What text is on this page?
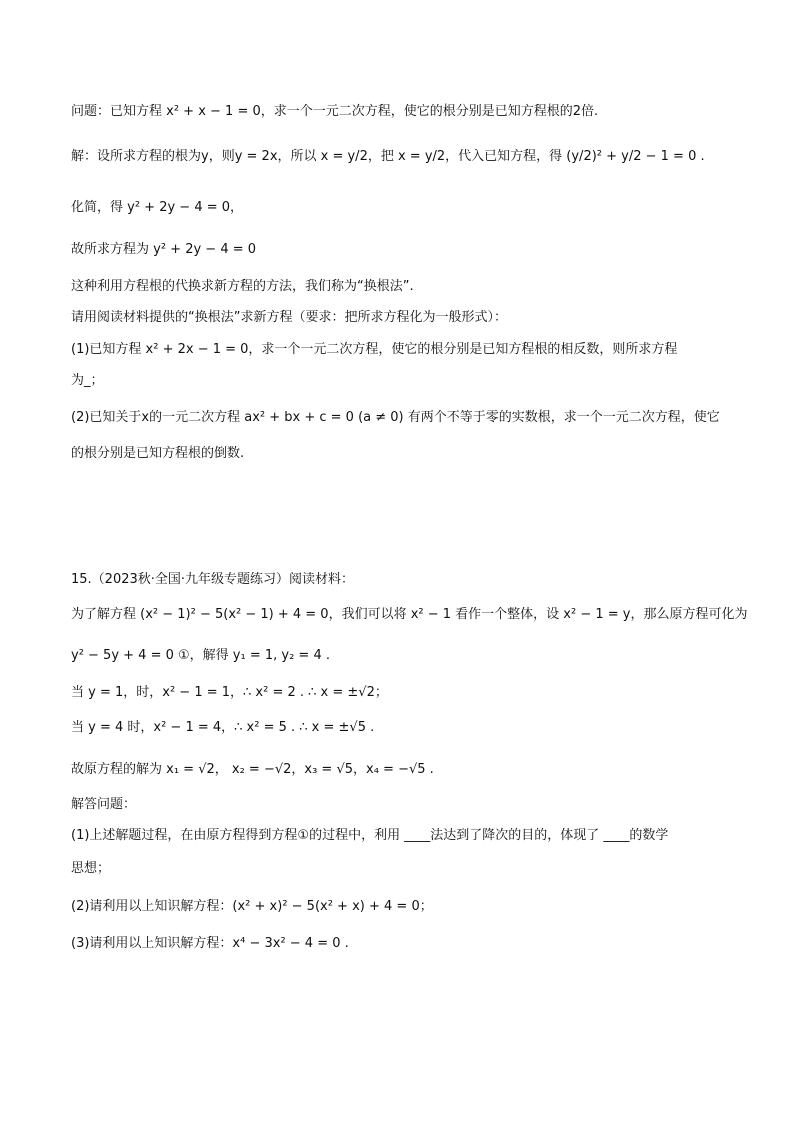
问题：已知方程 x² + x − 1 = 0，求一个一元二次方程，使它的根分别是已知方程根的2倍.
解：设所求方程的根为y，则y = 2x，所以 x = y/2，把 x = y/2，代入已知方程，得 (y/2)² + y/2 − 1 = 0 .
化简，得 y² + 2y − 4 = 0，
故所求方程为 y² + 2y − 4 = 0
这种利用方程根的代换求新方程的方法，我们称为“换根法”.
请用阅读材料提供的“换根法”求新方程（要求：把所求方程化为一般形式）：
(1)已知方程 x² + 2x − 1 = 0，求一个一元二次方程，使它的根分别是已知方程根的相反数，则所求方程
为_；
(2)已知关于x的一元二次方程 ax² + bx + c = 0 (a ≠ 0) 有两个不等于零的实数根，求一个一元二次方程，使它
的根分别是已知方程根的倒数.
15.（2023秋·全国·九年级专题练习）阅读材料：
为了解方程 (x² − 1)² − 5(x² − 1) + 4 = 0，我们可以将 x² − 1 看作一个整体，设 x² − 1 = y，那么原方程可化为
y² − 5y + 4 = 0 ①，解得 y₁ = 1, y₂ = 4 .
当 y = 1，时，x² − 1 = 1，∴ x² = 2 . ∴ x = ±√2；
当 y = 4 时，x² − 1 = 4，∴ x² = 5 . ∴ x = ±√5 .
故原方程的解为 x₁ = √2， x₂ = −√2，x₃ = √5，x₄ = −√5 .
解答问题：
(1)上述解题过程，在由原方程得到方程①的过程中，利用 ____法达到了降次的目的，体现了 ____的数学
思想；
(2)请利用以上知识解方程：(x² + x)² − 5(x² + x) + 4 = 0；
(3)请利用以上知识解方程：x⁴ − 3x² − 4 = 0 .
